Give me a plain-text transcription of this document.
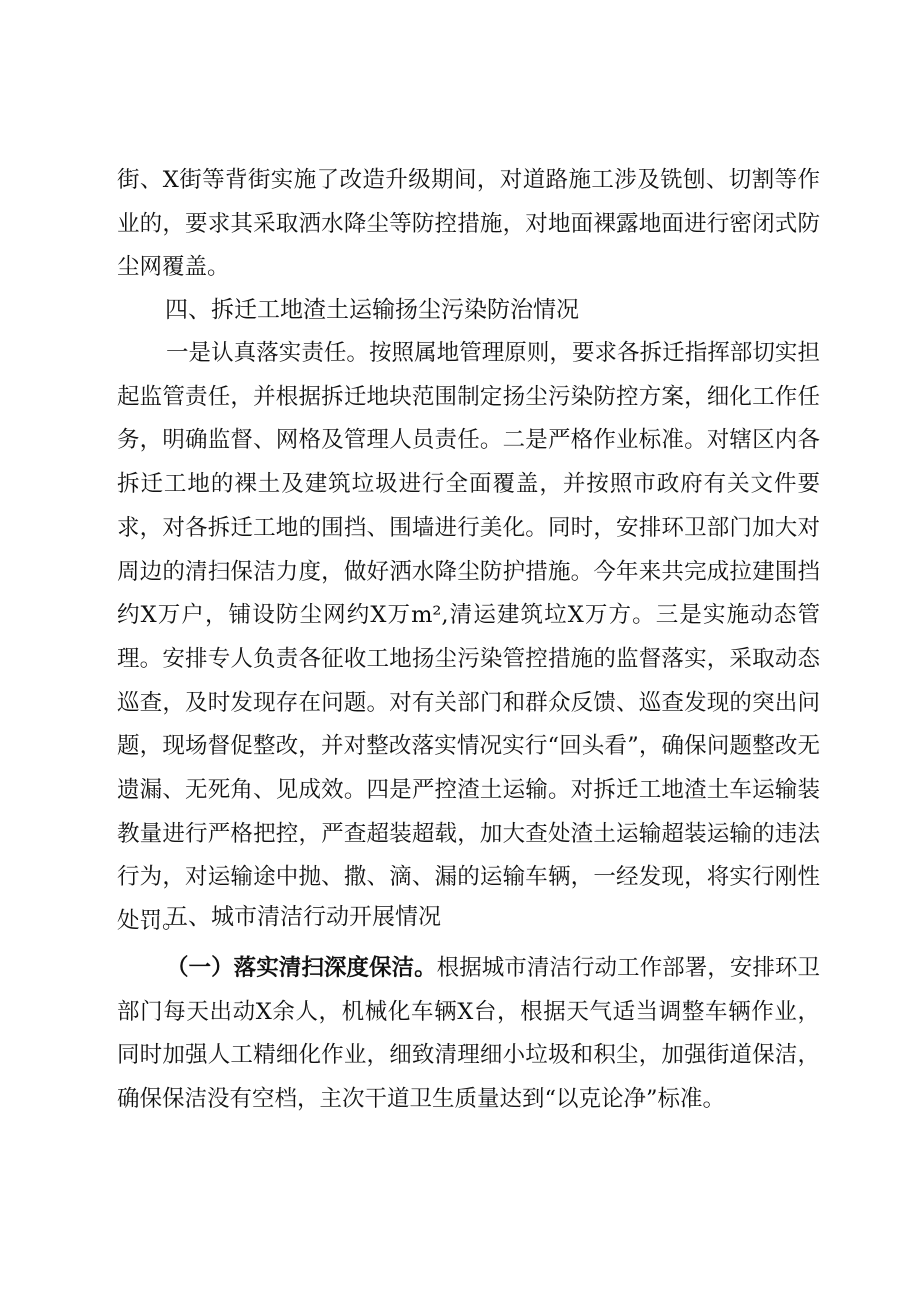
街、X街等背街实施了改造升级期间，对道路施工涉及铣刨、切割等作业的，要求其采取洒水降尘等防控措施，对地面裸露地面进行密闭式防尘网覆盖。

四、拆迁工地渣土运输扬尘污染防治情况

一是认真落实责任。按照属地管理原则，要求各拆迁指挥部切实担起监管责任，并根据拆迁地块范围制定扬尘污染防控方案，细化工作任务，明确监督、网格及管理人员责任。二是严格作业标准。对辖区内各拆迁工地的裸土及建筑垃圾进行全面覆盖，并按照市政府有关文件要求，对各拆迁工地的围挡、围墙进行美化。同时，安排环卫部门加大对周边的清扫保洁力度，做好洒水降尘防护措施。今年来共完成拉建围挡约X万户，铺设防尘网约X万m²,清运建筑垃X万方。三是实施动态管理。安排专人负责各征收工地扬尘污染管控措施的监督落实，采取动态巡查，及时发现存在问题。对有关部门和群众反馈、巡查发现的突出问题，现场督促整改，并对整改落实情况实行“回头看”，确保问题整改无遗漏、无死角、见成效。四是严控渣土运输。对拆迁工地渣土车运输装教量进行严格把控，严查超装超载，加大查处渣土运输超装运输的违法行为，对运输途中抛、撒、滴、漏的运输车辆，一经发现，将实行刚性处罚。

五、城市清洁行动开展情况

（一）落实清扫深度保洁。根据城市清洁行动工作部署，安排环卫部门每天出动X余人，机械化车辆X台，根据天气适当调整车辆作业，同时加强人工精细化作业，细致清理细小垃圾和积尘，加强街道保洁，确保保洁没有空档，主次干道卫生质量达到“以克论净”标准。
